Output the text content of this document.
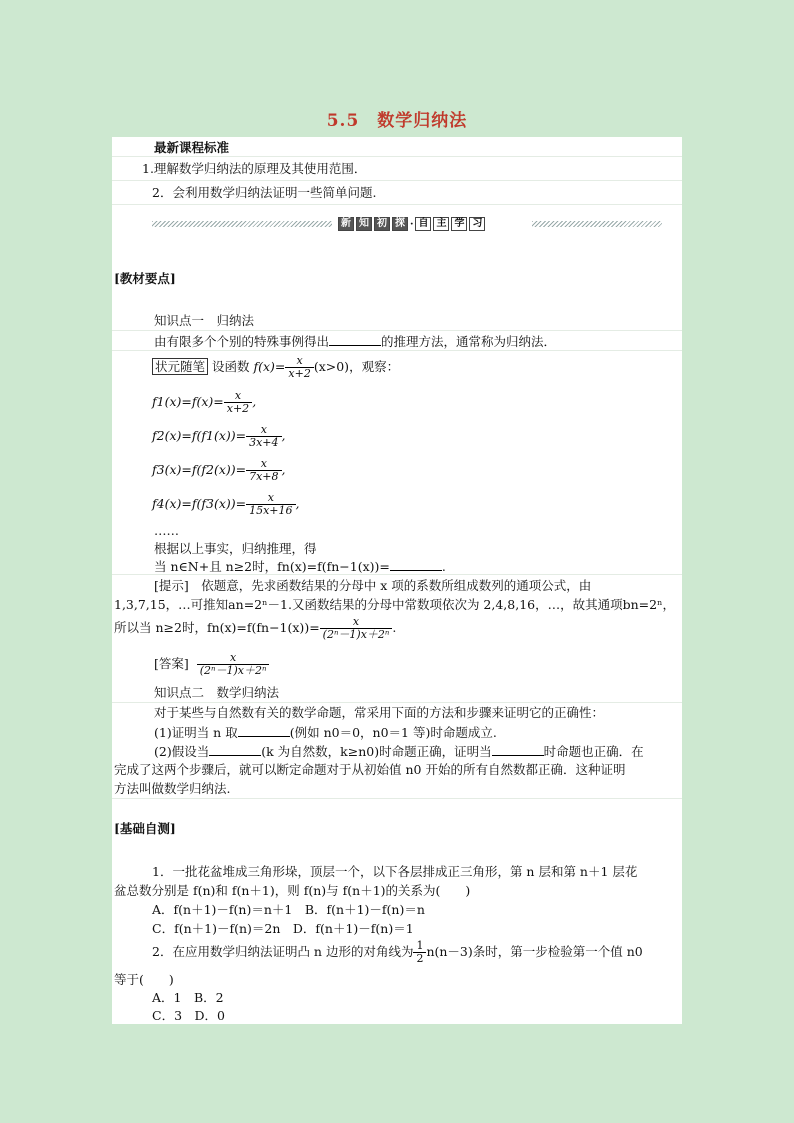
5.5　数学归纳法
最新课程标准
1.理解数学归纳法的原理及其使用范围．
2．会利用数学归纳法证明一些简单问题.
新 知 初 探 · 自 主 学 习
[教材要点]
知识点一　归纳法
由有限多个个别的特殊事例得出	的推理方法，通常称为归纳法．
状元随笔 设函数 $f(x)= \frac{x}{x+2} (x>0)$，观察：
$f1(x)=f(x)= \frac{x}{x+2}$ ,
$f2(x)=f(f1(x))= \frac{x}{3x+4}$ ,
$f3(x)=f(f2(x))= \frac{x}{7x+8}$ ,
$f4(x)=f(f3(x))= \frac{x}{15x+16}$ ,
……
根据以上事实，归纳推理，得
当 n∈N+且 n≥2时，fn(x)=f(fn−1(x))=	.
[提示]　依题意，先求函数结果的分母中 x 项的系数所组成数列的通项公式，由
1,3,7,15，…可推知an=2ⁿ－1.又函数结果的分母中常数项依次为 2,4,8,16，…，故其通项bn=2ⁿ，
所以当 n≥2时，$fn(x)=f(fn-1(x))= \frac{x}{\text{(2ⁿ－1)x＋2ⁿ}}$ .
[答案] $\frac{x}{\text{(2ⁿ－1)x＋2ⁿ}}$
知识点二　数学归纳法
对于某些与自然数有关的数学命题，常采用下面的方法和步骤来证明它的正确性：
(1)证明当 n 取	(例如 n0＝0，n0＝1 等)时命题成立.
(2)假设当	(k 为自然数，k≥n0)时命题正确，证明当	时命题也正确．在
完成了这两个步骤后，就可以断定命题对于从初始值 n0 开始的所有自然数都正确．这种证明
方法叫做数学归纳法.
[基础自测]
1．一批花盆堆成三角形垛，顶层一个，以下各层排成正三角形，第 n 层和第 n＋1 层花
盆总数分别是 f(n)和 f(n＋1)，则 f(n)与 f(n＋1)的关系为(　　)
A．f(n＋1)－f(n)＝n＋1　B．f(n＋1)－f(n)＝n
C．f(n＋1)－f(n)＝2n　D．f(n＋1)－f(n)＝1
2．在应用数学归纳法证明凸 n 边形的对角线为 $\frac{1}{2} n(n-3)$条时，第一步检验第一个值 n0
等于(　　)
A．1　B．2
C．3　D．0
